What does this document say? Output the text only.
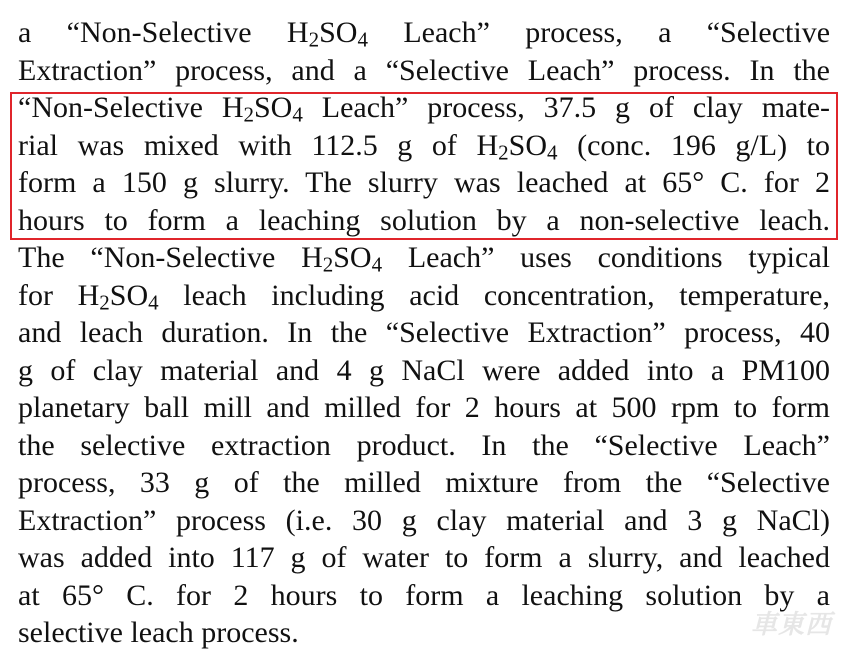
a “Non-Selective $H_2SO_4$ Leach” process, a “Selective
Extraction” process, and a “Selective Leach” process. In the
“Non-Selective $H_2SO_4$ Leach” process, 37.5 g of clay mate-
rial was mixed with 112.5 g of $H_2SO_4$ (conc. 196 g/L) to
form a 150 g slurry. The slurry was leached at 65° C. for 2
hours to form a leaching solution by a non-selective leach.
The “Non-Selective $H_2SO_4$ Leach” uses conditions typical
for $H_2SO_4$ leach including acid concentration, temperature,
and leach duration. In the “Selective Extraction” process, 40
g of clay material and 4 g NaCl were added into a PM100
planetary ball mill and milled for 2 hours at 500 rpm to form
the selective extraction product. In the “Selective Leach”
process, 33 g of the milled mixture from the “Selective
Extraction” process (i.e. 30 g clay material and 3 g NaCl)
was added into 117 g of water to form a slurry, and leached
at 65° C. for 2 hours to form a leaching solution by a
selective leach process.	車東西
